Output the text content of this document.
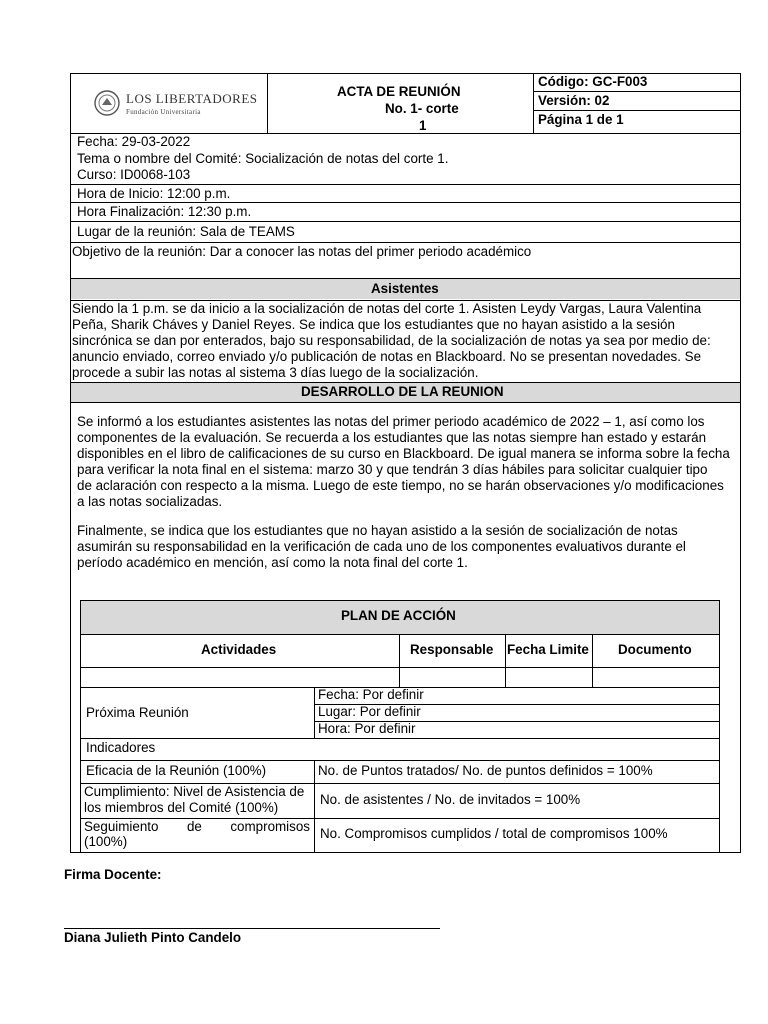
LOS LIBERTADORES
Fundación Universitaria
ACTA DE REUNIÓN
No. 1- corte
1
Código: GC-F003
Versión: 02
Página 1 de 1
Fecha: 29-03-2022
Tema o nombre del Comité: Socialización de notas del corte 1.
Curso: ID0068-103
Hora de Inicio: 12:00 p.m.
Hora Finalización: 12:30 p.m.
Lugar de la reunión: Sala de TEAMS
Objetivo de la reunión: Dar a conocer las notas del primer periodo académico
Asistentes
Siendo la 1 p.m. se da inicio a la socialización de notas del corte 1. Asisten Leydy Vargas, Laura Valentina
Peña, Sharik Cháves y Daniel Reyes. Se indica que los estudiantes que no hayan asistido a la sesión
sincrónica se dan por enterados, bajo su responsabilidad, de la socialización de notas ya sea por medio de:
anuncio enviado, correo enviado y/o publicación de notas en Blackboard. No se presentan novedades. Se
procede a subir las notas al sistema 3 días luego de la socialización.
DESARROLLO DE LA REUNION
Se informó a los estudiantes asistentes las notas del primer periodo académico de 2022 – 1, así como los
componentes de la evaluación. Se recuerda a los estudiantes que las notas siempre han estado y estarán
disponibles en el libro de calificaciones de su curso en Blackboard. De igual manera se informa sobre la fecha
para verificar la nota final en el sistema: marzo 30 y que tendrán 3 días hábiles para solicitar cualquier tipo
de aclaración con respecto a la misma. Luego de este tiempo, no se harán observaciones y/o modificaciones
a las notas socializadas.
Finalmente, se indica que los estudiantes que no hayan asistido a la sesión de socialización de notas
asumirán su responsabilidad en la verificación de cada uno de los componentes evaluativos durante el
período académico en mención, así como la nota final del corte 1.
PLAN DE ACCIÓN
Actividades	Responsable Fecha Limite Documento
Próxima Reunión
Fecha: Por definir
Lugar: Por definir
Hora: Por definir
Indicadores
Eficacia de la Reunión (100%)	No. de Puntos tratados/ No. de puntos definidos = 100%
Cumplimiento: Nivel de Asistencia de
los miembros del Comité (100%)
No. de asistentes / No. de invitados = 100%
Seguimiento de compromisos
(100%)
No. Compromisos cumplidos / total de compromisos 100%
Firma Docente:
Diana Julieth Pinto Candelo
